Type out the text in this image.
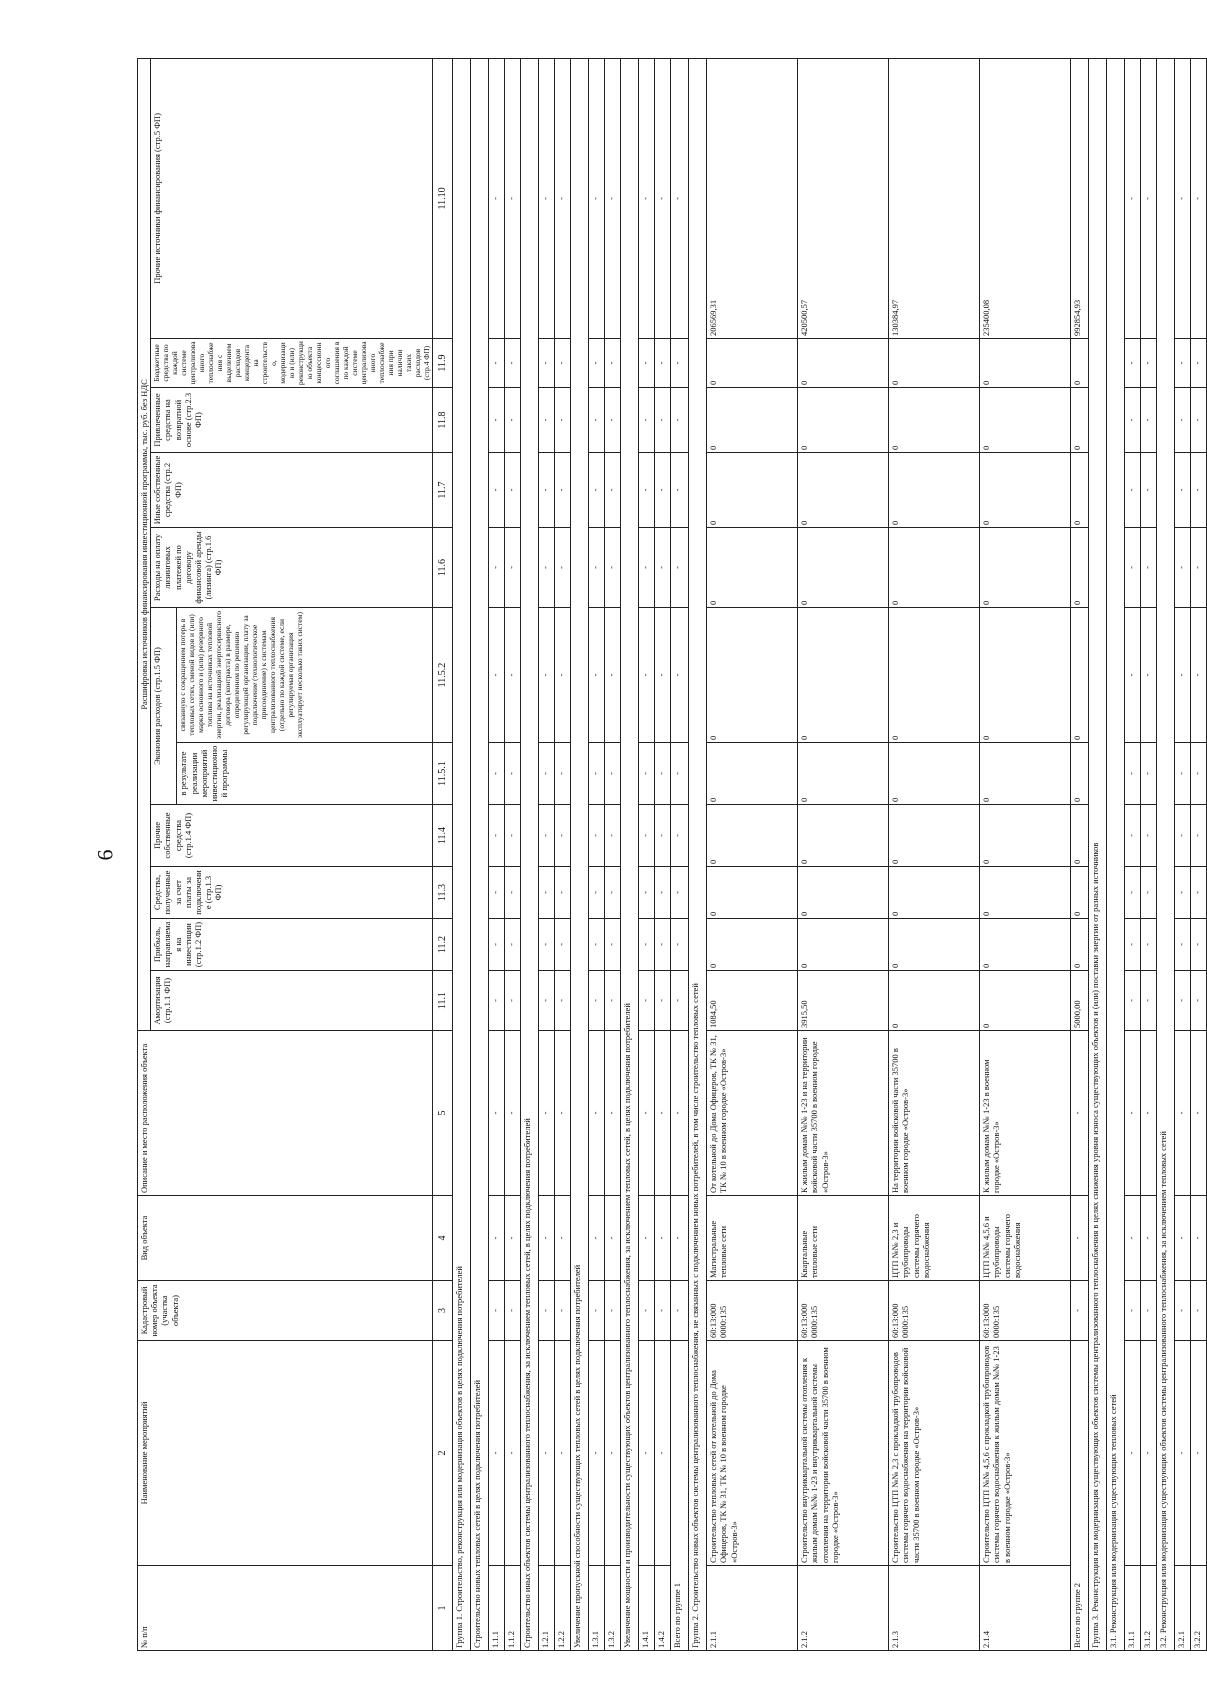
6
№ п/п	Наименование мероприятий	Кадастровый номер объекта (участка объекта)	Вид объекта	Описание и место расположения объекта	Расшифровка источников финансирования инвестиционной программы, тыс. руб. без НДС										
					Амортизация (стр.1.1 ФП)	Прибыль, направляемая на инвестиции (стр.1.2 ФП)	Средства, полученные за счет платы за подключение (стр.1.3 ФП)	Прочие собственные средства (стр.1.4 ФП)	Экономия расходов (стр.1.5 ФП)		Расходы на оплату лизинговых платежей по договору финансовой аренды (лизинга) (стр.1.6 ФП)	Иные собственные средства (стр.2 ФП)	Привлеченные средства на возвратной основе (стр.2.3 ФП)	Бюджетные средства по каждой системе централизованного теплоснабжения с выделением расходов концедента на строительство, модернизацию и (или) реконструкцию объекта концессионного соглашения в по каждой системе централизованного теплоснабжения при наличии таких расходов (стр.4 ФП)	Прочие источники финансирования (стр.5 ФП)
									в результате реализации мероприятий инвестиционной программы	связанную с сокращением потерь в тепловых сетях, сменой видов и (или) марки основного и (или) резервного топлива на источниках тепловой энергии, реализацией энергосервисного договора (контракта) в размере, определенном по решению регулирующей организации, плату за подключение (технологическое присоединение) к системам централизованного теплоснабжения (отдельно по каждой системе, если регулируемая организация эксплуатирует несколько таких систем)					
1	2	3	4	5	11.1	11.2	11.3	11.4	11.5.1	11.5.2	11.6	11.7	11.8	11.9	11.10
Группа 1. Строительство, реконструкция или модернизация объектов в целях подключения потребителей															
Строительство новых тепловых сетей в целях подключения потребителей															
1.1.1	-	-	-	-	-	-	-	-	-	-	-	-	-	-	-
1.1.2	-	-	-	-	-	-	-	-	-	-	-	-	-	-	-
Строительство иных объектов системы централизованного теплоснабжения, за исключением тепловых сетей, в целях подключения потребителей															
1.2.1	-	-	-	-	-	-	-	-	-	-	-	-	-	-	-
1.2.2	-	-	-	-	-	-	-	-	-	-	-	-	-	-	-
Увеличение пропускной способности существующих тепловых сетей в целях подключения потребителей															
1.3.1	-	-	-	-	-	-	-	-	-	-	-	-	-	-	-
1.3.2	-	-	-	-	-	-	-	-	-	-	-	-	-	-	-
Увеличение мощности и производительности существующих объектов централизованного теплоснабжения, за исключением тепловых сетей, в целях подключения потребителей															
1.4.1	-	-	-	-	-	-	-	-	-	-	-	-	-	-	-
1.4.2	-	-	-	-	-	-	-	-	-	-	-	-	-	-	-
Всего по группе 1		-	-	-	-	-	-	-	-	-	-	-	-	-	-
Группа 2. Строительство новых объектов системы централизованного теплоснабжения, не связанных с подключением новых потребителей, в том числе строительство тепловых сетей															
2.1.1	Строительство тепловых сетей от котельной до Дома Офицеров, ТК № 31, ТК № 10 в военном городке «Остров-3»	60:13:000 0000:135	Магистральные тепловые сети	От котельной до Дома Офицеров, ТК № 31, ТК № 10 в военном городке «Остров-3»	1084,50	0	0	0	0	0	0	0	0	0	206569,31
2.1.2	Строительство внутриквартальной системы отопления к жилым домам №№ 1-23 и внутриквартальной системы отопления на территории войсковой части 35700 в военном городке «Остров-3»	60:13:000 0000:135	Квартальные тепловые сети	К жилым домам №№ 1-23 и на территории войсковой части 35700 в военном городке «Остров-3»	3915,50	0	0	0	0	0	0	0	0	0	420500,57
2.1.3	Строительство ЦТП №№ 2,3 с прокладкой трубопроводов системы горячего водоснабжения на территории войсковой части 35700 в военном городке «Остров-3»	60:13:000 0000:135	ЦТП №№ 2,3 и трубопроводы системы горячего водоснабжения	На территории войсковой части 35700 в военном городке «Остров-3»	0	0	0	0	0	0	0	0	0	0	130384,97
2.1.4	Строительство ЦТП №№ 4,5,6 с прокладкой трубопроводов системы горячего водоснабжения к жилым домам №№ 1-23 в военном городке «Остров-3»	60:13:000 0000:135	ЦТП №№ 4,5,6 и трубопроводы системы горячего водоснабжения	К жилым домам №№ 1-23 в военном городке «Остров-3»	0	0	0	0	0	0	0	0	0	0	235400,08
Всего по группе 2		-	-	-	5000,00	0	0	0	0	0	0	0	0	0	992854,93
Группа 3. Реконструкция или модернизация существующих объектов системы централизованного теплоснабжения в целях снижения уровня износа существующих объектов и (или) поставки энергии от разных источников															
3.1. Реконструкция или модернизация существующих тепловых сетей															
3.1.1	-	-	-	-	-	-	-	-	-	-	-	-	-	-	-
3.1.2	-	-	-	-	-	-	-	-	-	-	-	-	-	-	-
3.2. Реконструкция или модернизация существующих объектов системы централизованного теплоснабжения, за исключением тепловых сетей															
3.2.1	-	-	-	-	-	-	-	-	-	-	-	-	-	-	-
3.2.2	-	-	-	-	-	-	-	-	-	-	-	-	-	-	-
